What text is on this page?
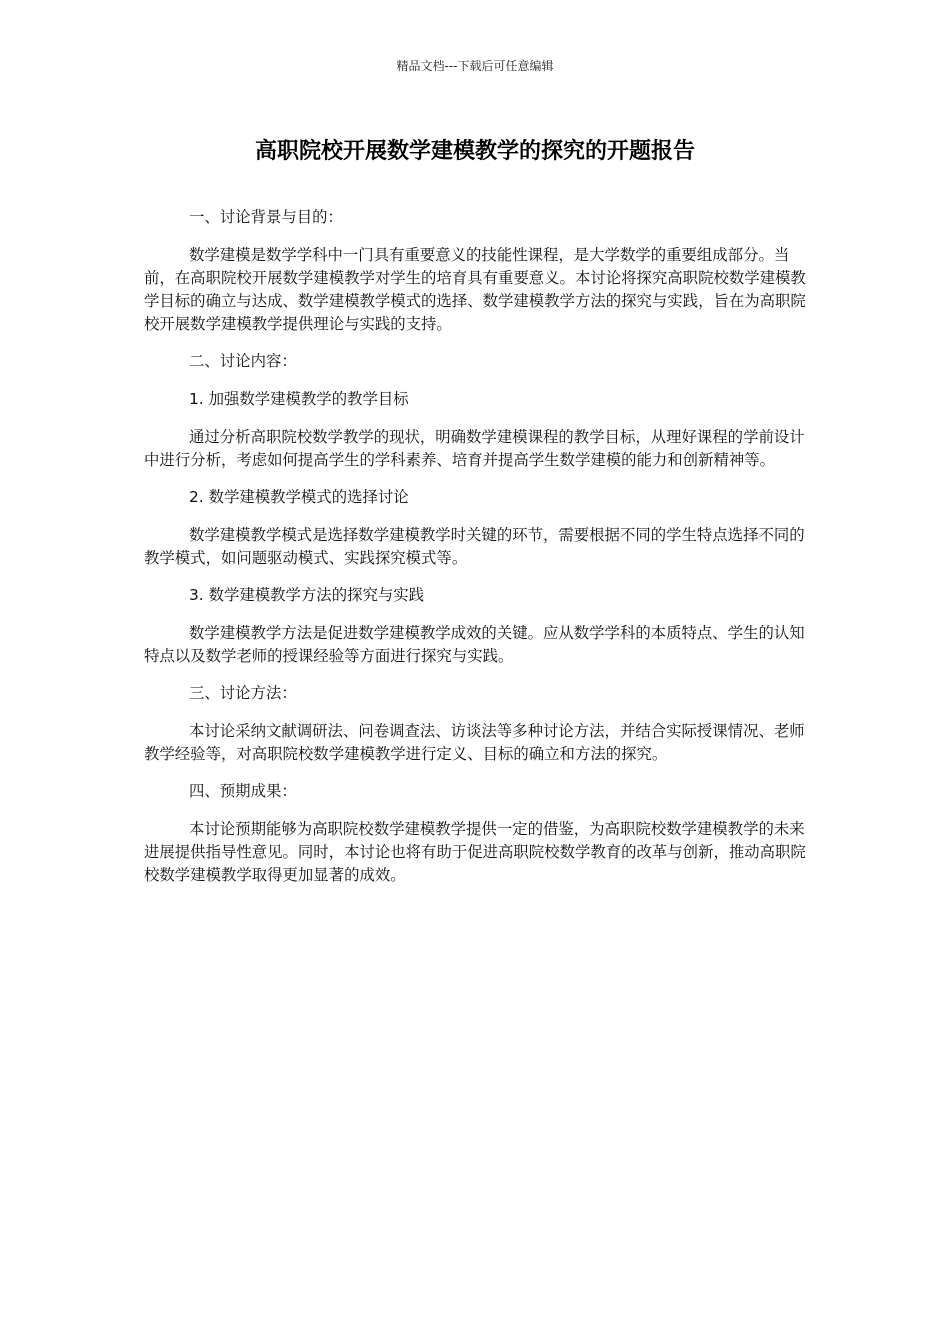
精品文档---下载后可任意编辑
高职院校开展数学建模教学的探究的开题报告

一、讨论背景与目的：

数学建模是数学学科中一门具有重要意义的技能性课程，是大学数学的重要组成部分。当前，在高职院校开展数学建模教学对学生的培育具有重要意义。本讨论将探究高职院校数学建模教学目标的确立与达成、数学建模教学模式的选择、数学建模教学方法的探究与实践，旨在为高职院校开展数学建模教学提供理论与实践的支持。

二、讨论内容：

1. 加强数学建模教学的教学目标

通过分析高职院校数学教学的现状，明确数学建模课程的教学目标，从理好课程的学前设计中进行分析，考虑如何提高学生的学科素养、培育并提高学生数学建模的能力和创新精神等。

2. 数学建模教学模式的选择讨论

数学建模教学模式是选择数学建模教学时关键的环节，需要根据不同的学生特点选择不同的教学模式，如问题驱动模式、实践探究模式等。

3. 数学建模教学方法的探究与实践

数学建模教学方法是促进数学建模教学成效的关键。应从数学学科的本质特点、学生的认知特点以及数学老师的授课经验等方面进行探究与实践。

三、讨论方法：

本讨论采纳文献调研法、问卷调查法、访谈法等多种讨论方法，并结合实际授课情况、老师教学经验等，对高职院校数学建模教学进行定义、目标的确立和方法的探究。

四、预期成果：

本讨论预期能够为高职院校数学建模教学提供一定的借鉴，为高职院校数学建模教学的未来进展提供指导性意见。同时，本讨论也将有助于促进高职院校数学教育的改革与创新，推动高职院校数学建模教学取得更加显著的成效。
